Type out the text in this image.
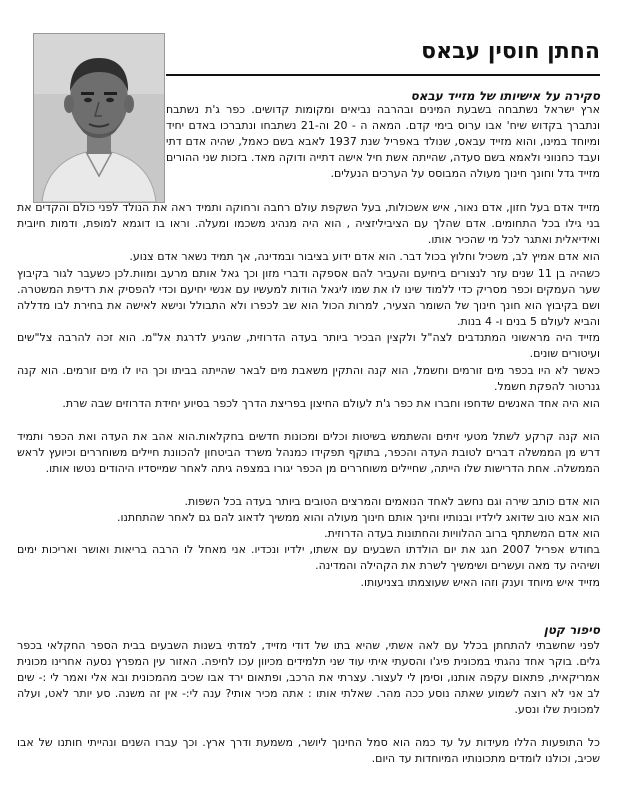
החתן חוסין עבאס
סקירה על אישיותו של מזייד עבאס

ארץ ישראל נשתבחה בשבעת המינים ובהרבה נביאים ומקומות קדושים. כפר ג'ת נשתבח ונתברך בקדוש שיח' אבו ערוס בימי קדם. המאה ה - 20 וה-21 נשתבחו ונתברכו באדם יחיד ומיוחד במינו, והוא מזייד עבאס, שנולד באפריל שנת 1937 לאבא בשם כאמל, שהיה אדם דתי ועבד כחנווני ולאמא בשם סעדה, שהייתה אשת חיל אישה דתייה ודוקה מאד. בזכות שני ההורים מזייד גדל וחונך חינוך מעולה המבוסס על הערכים הנעלים.

מזייד אדם בעל חזון, אדם נאור, איש אשכולות, בעל השקפת עולם רחבה ורחוקה ותמיד ראה את הנולד לפני כולם והקדים את בני גילו בכל התחומים. אדם שהלך עם הציביליזציה , הוא היה מנהיג משכמו ומעלה. וראו בו דוגמא למופת, ודמות חיובית ואידיאלית ואתגר לכל מי שהכיר אותו.

הוא אדם אמיץ לב, משכיל וחלוץ בכול דבר. הוא אדם ידוע בציבור ובמדינה, אך תמיד נשאר אדם צנוע.

כשהיה בן 11 שנים עזר לנצורים ביחיעם והעביר להם אספקה ודברי מזון וכך גאל אותם מרעב ומוות.לכן כשעבר לגור בקיבוץ שער העמקים וכפר מסריק כדי ללמוד שינו לו את שמו ליגאל הודות למעשיו עם אנשי יחיעם וכדי להפסיק את רדיפת המשטרה. ושם בקיבוץ הוא חונך חינוך של השומר הצעיר, למרות הכול הוא שב לכפרו ולא התבולל ונישא לאישה את בחירת לבו מדללה והביא לעולם 5 בנים ו- 4 בנות.

מזייד היה מראשוני המתנדבים לצה"ל ולקצין הבכיר ביותר בעדה הדרוזית, שהגיע לדרגת אל"מ. הוא זכה להרבה צל"שים ועיטורים שונים.

כאשר לא היו בכפר מים זורמים וחשמל, הוא קנה והתקין משאבת מים לבאר שהייתה בביתו וכך היו לו מים זורמים. הוא קנה גנרטור להפקת חשמל.

הוא היה אחד האנשים שדחפו וחברו את כפר ג'ת לעולם החיצון בפריצת הדרך לכפר בסיוע יחידת הדרוזים שבה שרת.

הוא קנה קרקע לשתל מטעי זיתים והשתמש בשיטות וכלים ומכונות חדשים בחקלאות.הוא אהב את העדה ואת הכפר ותמיד דרש מן הממשלה דברים לטובת העדה והכפר, בתוקף תפקידו כמנהל משרד הביטחון להכוונת חיילים משוחררים וכיועץ לראש הממשלה. אחת הדרישות שלו הייתה, שחיילים משוחררים מן הכפר יגורו במצפה גיתה לאחר שמייסדיו היהודים נטשו אותו.

הוא אדם כותב שירה וגם נחשב לאחד הנואמים והמרצים הטובים ביותר בעדה בכל השפות.

הוא אבא טוב שדואג לילדיו ובנותיו וחינך אותם חינוך מעולה והוא ממשיך לדאוג להם גם לאחר שהתחתנו.

הוא אדם המשתתף ברוב ההלוויות והחתונות בעדה הדרוזית.

בחודש אפריל 2007 חגג את יום הולדתו השבעים עם אשתו, ילדיו ונכדיו. אני מאחל לו הרבה בריאות ואושר ואריכות ימים ושיהיה עד מאה ועשרים ושימשיך לשרת את הקהילה והמדינה.

מזייד איש מיוחד וענק וזהו האיש שעוצמתו בצניעותו.

סיפור קטן

לפני שחשבתי להתחתן בכלל עם לאה אשתי, שהיא בתו של דודי מזייד, למדתי בשנות השבעים בבית הספר החקלאי בכפר גלים. בוקר אחד נהגתי במכונית פיג'ו והסעתי איתי עוד שני תלמידים מכיוון עכו לחיפה. האזור עין המפרץ נסעה אחרינו מכונית אמריקאית, פתאום עקפה אותנו, וסימן לי לעצור. עצרתי את הרכב, ופתאום ירד אבו שכיב מהמכונית ובא אלי ואמר לי :- שים לב אני לא רוצה לשמוע שאתה נוסע ככה מהר. שאלתי אותו : אתה מכיר אותי? ענה לי:- אין זה משנה. סע יותר לאט, ועלה למכונית שלו ונסע.

כל התופעות הללו מעידות על עד כמה הוא סמל החינוך ליושר, משמעת ודרך ארץ. וכך עברו השנים ונהייתי חותנו של אבו שכיב, וכולנו לומדים מתכונותיו המיוחדות עד היום.
